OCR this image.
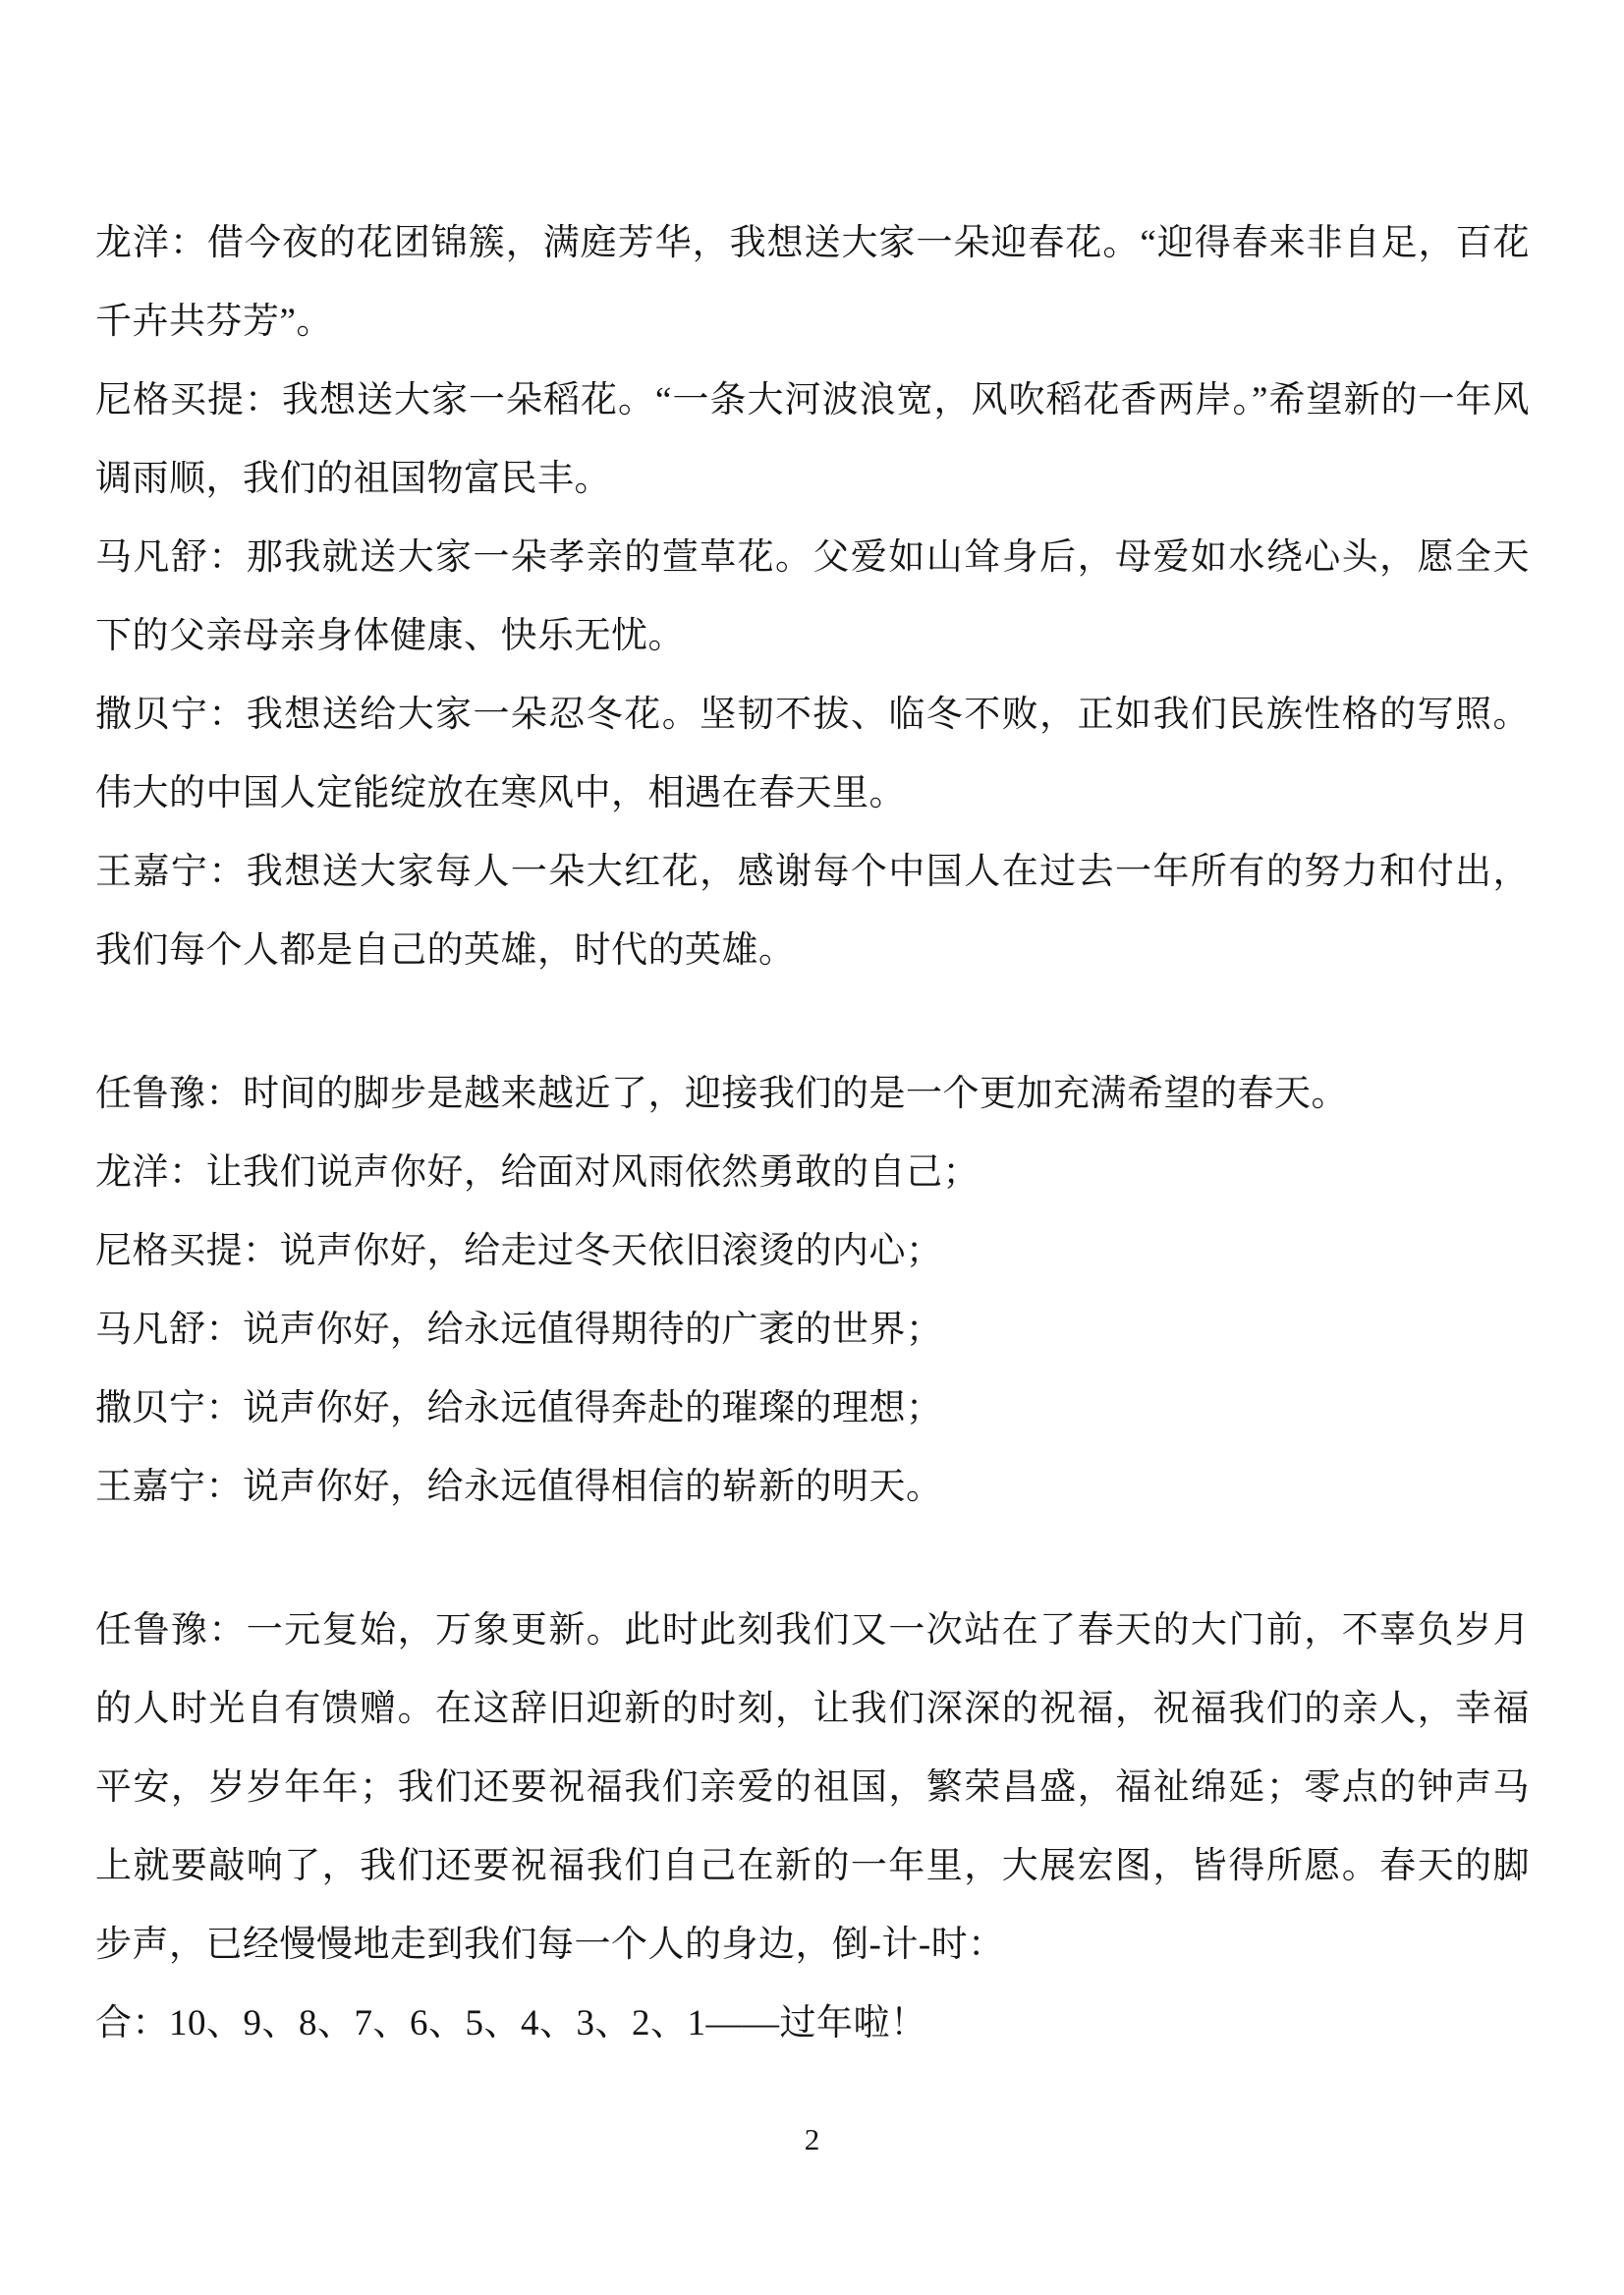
龙洋：借今夜的花团锦簇，满庭芳华，我想送大家一朵迎春花。“迎得春来非自足，百花千卉共芬芳”。

尼格买提：我想送大家一朵稻花。“一条大河波浪宽，风吹稻花香两岸。”希望新的一年风调雨顺，我们的祖国物富民丰。

马凡舒：那我就送大家一朵孝亲的萱草花。父爱如山耸身后，母爱如水绕心头，愿全天下的父亲母亲身体健康、快乐无忧。

撒贝宁：我想送给大家一朵忍冬花。坚韧不拔、临冬不败，正如我们民族性格的写照。伟大的中国人定能绽放在寒风中，相遇在春天里。

王嘉宁：我想送大家每人一朵大红花，感谢每个中国人在过去一年所有的努力和付出，我们每个人都是自己的英雄，时代的英雄。

任鲁豫：时间的脚步是越来越近了，迎接我们的是一个更加充满希望的春天。

龙洋：让我们说声你好，给面对风雨依然勇敢的自己；

尼格买提：说声你好，给走过冬天依旧滚烫的内心；

马凡舒：说声你好，给永远值得期待的广袤的世界；

撒贝宁：说声你好，给永远值得奔赴的璀璨的理想；

王嘉宁：说声你好，给永远值得相信的崭新的明天。

任鲁豫：一元复始，万象更新。此时此刻我们又一次站在了春天的大门前，不辜负岁月的人时光自有馈赠。在这辞旧迎新的时刻，让我们深深的祝福，祝福我们的亲人，幸福平安，岁岁年年；我们还要祝福我们亲爱的祖国，繁荣昌盛，福祉绵延；零点的钟声马上就要敲响了，我们还要祝福我们自己在新的一年里，大展宏图，皆得所愿。春天的脚步声，已经慢慢地走到我们每一个人的身边，倒-计-时：

合：10、9、8、7、6、5、4、3、2、1——过年啦！

2
